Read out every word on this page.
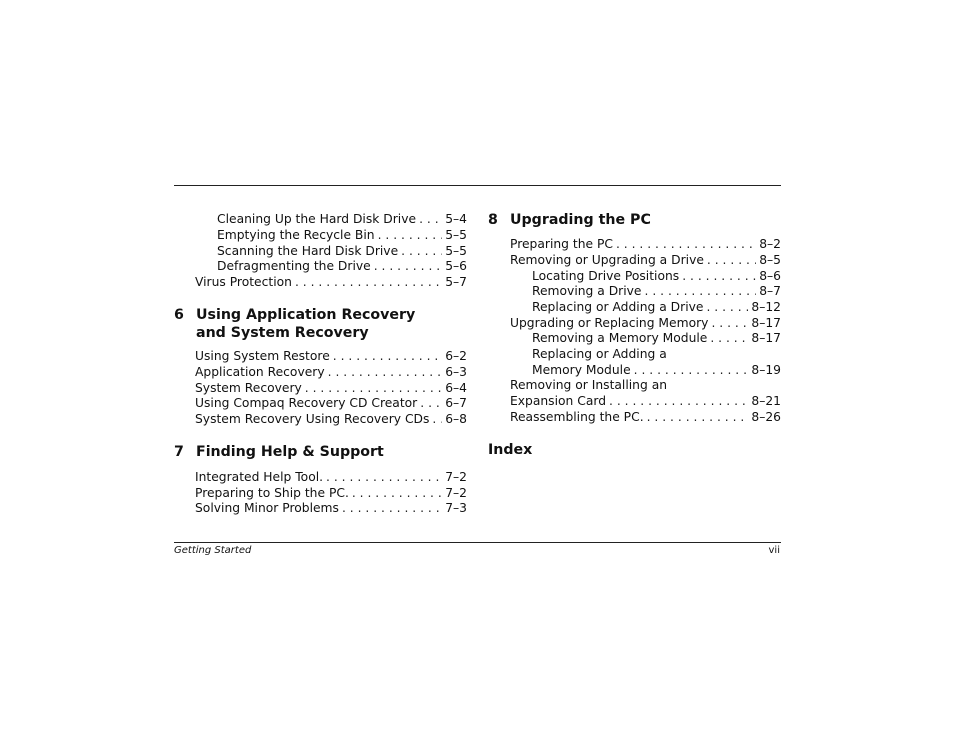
Cleaning Up the Hard Disk Drive . . . 5–4
Emptying the Recycle Bin . . .	5–5
Scanning the Hard Disk Drive . . .	5–5
Defragmenting the Drive . . .	5–6
Virus Protection . . .	5–7
6 Using Application Recovery
and System Recovery
Using System Restore . . .	6–2
Application Recovery . . .	6–3
System Recovery . . .	6–4
Using Compaq Recovery CD Creator . . . 6–7
System Recovery Using Recovery CDs . . . 6–8
7 Finding Help & Support
Integrated Help Tool. . . .	7–2
Preparing to Ship the PC. . . .	7–2
Solving Minor Problems . . .	7–3
8 Upgrading the PC
Preparing the PC . . .	8–2
Removing or Upgrading a Drive . . .	8–5
Locating Drive Positions . . .	8–6
Removing a Drive . . .	8–7
Replacing or Adding a Drive . . .	8–12
Upgrading or Replacing Memory . . .	8–17
Removing a Memory Module . . .	8–17
Replacing or Adding a
Memory Module . . .	8–19
Removing or Installing an
Expansion Card . . .	8–21
Reassembling the PC. . . .	8–26
Index
Getting Started	vii
